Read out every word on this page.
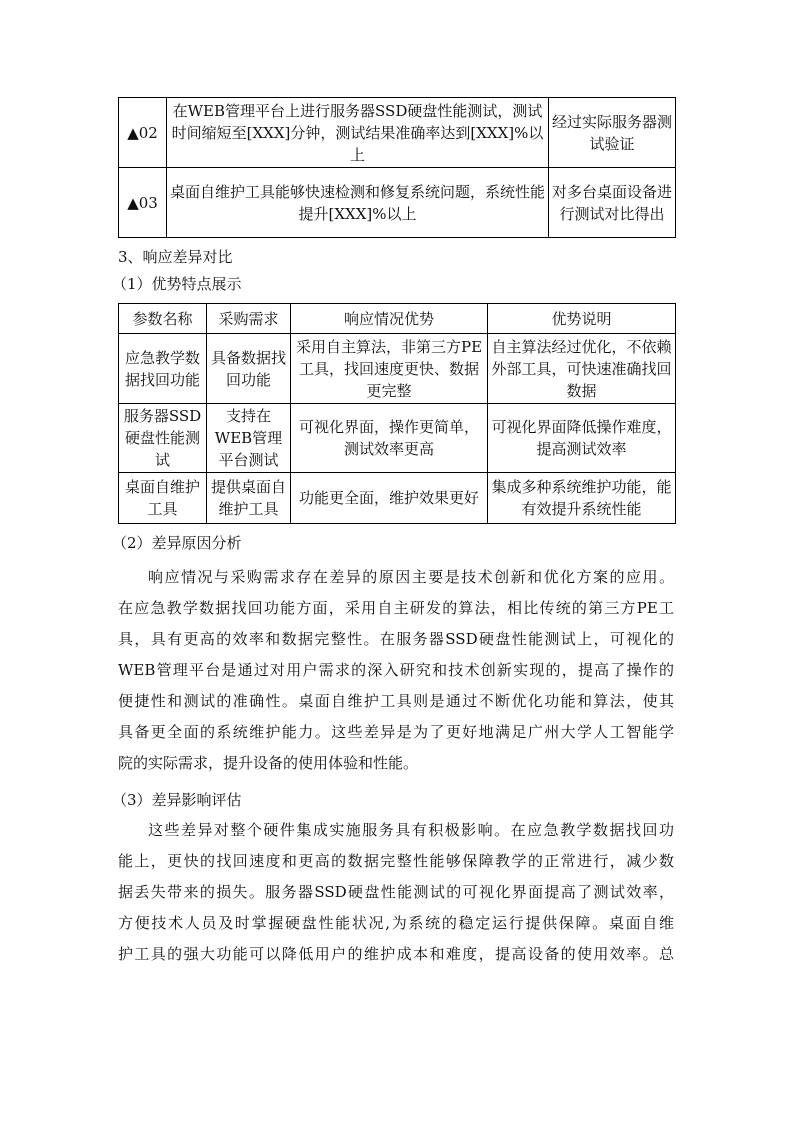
▲02	在WEB管理平台上进行服务器SSD硬盘性能测试，测试时间缩短至[XXX]分钟，测试结果准确率达到[XXX]%以上	经过实际服务器测试验证
▲03	桌面自维护工具能够快速检测和修复系统问题，系统性能提升[XXX]%以上	对多台桌面设备进行测试对比得出
3、响应差异对比
（1）优势特点展示
参数名称	采购需求	响应情况优势	优势说明
应急教学数据找回功能	具备数据找回功能	采用自主算法，非第三方PE工具，找回速度更快、数据更完整	自主算法经过优化，不依赖外部工具，可快速准确找回数据
服务器SSD硬盘性能测试	支持在WEB管理平台测试	可视化界面，操作更简单，测试效率更高	可视化界面降低操作难度，提高测试效率
桌面自维护工具	提供桌面自维护工具	功能更全面，维护效果更好	集成多种系统维护功能，能有效提升系统性能
（2）差异原因分析
响应情况与采购需求存在差异的原因主要是技术创新和优化方案的应用。
在应急教学数据找回功能方面，采用自主研发的算法，相比传统的第三方PE工
具，具有更高的效率和数据完整性。在服务器SSD硬盘性能测试上，可视化的
WEB管理平台是通过对用户需求的深入研究和技术创新实现的，提高了操作的
便捷性和测试的准确性。桌面自维护工具则是通过不断优化功能和算法，使其
具备更全面的系统维护能力。这些差异是为了更好地满足广州大学人工智能学
院的实际需求，提升设备的使用体验和性能。
（3）差异影响评估
这些差异对整个硬件集成实施服务具有积极影响。在应急教学数据找回功
能上，更快的找回速度和更高的数据完整性能够保障教学的正常进行，减少数
据丢失带来的损失。服务器SSD硬盘性能测试的可视化界面提高了测试效率，
方便技术人员及时掌握硬盘性能状况,为系统的稳定运行提供保障。桌面自维
护工具的强大功能可以降低用户的维护成本和难度，提高设备的使用效率。总
